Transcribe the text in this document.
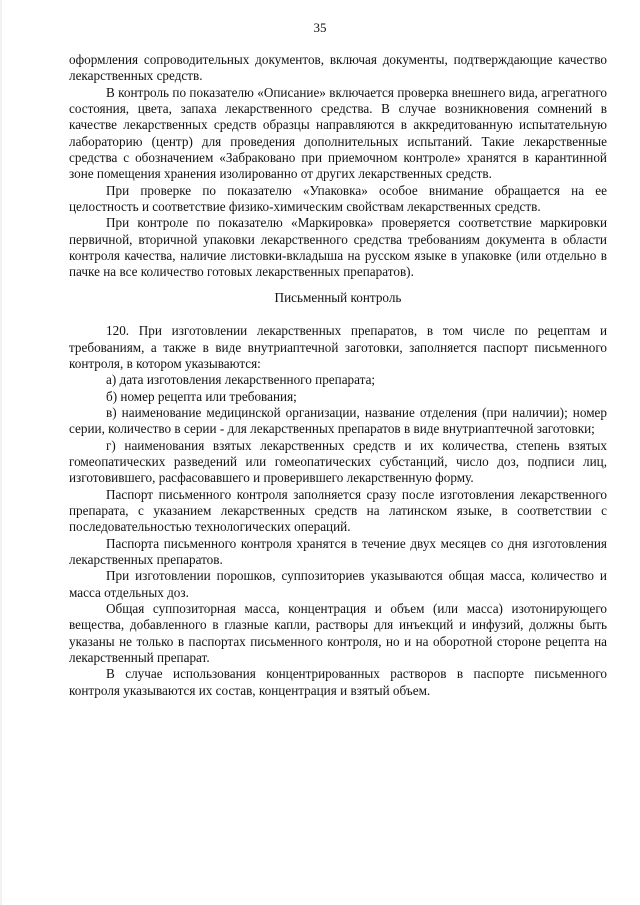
35

оформления сопроводительных документов, включая документы, подтверждающие качество лекарственных средств.

В контроль по показателю «Описание» включается проверка внешнего вида, агрегатного состояния, цвета, запаха лекарственного средства. В случае возникновения сомнений в качестве лекарственных средств образцы направляются в аккредитованную испытательную лабораторию (центр) для проведения дополнительных испытаний. Такие лекарственные средства с обозначением «Забраковано при приемочном контроле» хранятся в карантинной зоне помещения хранения изолированно от других лекарственных средств.

При проверке по показателю «Упаковка» особое внимание обращается на ее целостность и соответствие физико-химическим свойствам лекарственных средств.

При контроле по показателю «Маркировка» проверяется соответствие маркировки первичной, вторичной упаковки лекарственного средства требованиям документа в области контроля качества, наличие листовки-вкладыша на русском языке в упаковке (или отдельно в пачке на все количество готовых лекарственных препаратов).

Письменный контроль

120. При изготовлении лекарственных препаратов, в том числе по рецептам и требованиям, а также в виде внутриаптечной заготовки, заполняется паспорт письменного контроля, в котором указываются:

а) дата изготовления лекарственного препарата;

б) номер рецепта или требования;

в) наименование медицинской организации, название отделения (при наличии); номер серии, количество в серии - для лекарственных препаратов в виде внутриаптечной заготовки;

г) наименования взятых лекарственных средств и их количества, степень взятых гомеопатических разведений или гомеопатических субстанций, число доз, подписи лиц, изготовившего, расфасовавшего и проверившего лекарственную форму.

Паспорт письменного контроля заполняется сразу после изготовления лекарственного препарата, с указанием лекарственных средств на латинском языке, в соответствии с последовательностью технологических операций.

Паспорта письменного контроля хранятся в течение двух месяцев со дня изготовления лекарственных препаратов.

При изготовлении порошков, суппозиториев указываются общая масса, количество и масса отдельных доз.

Общая суппозиторная масса, концентрация и объем (или масса) изотонирующего вещества, добавленного в глазные капли, растворы для инъекций и инфузий, должны быть указаны не только в паспортах письменного контроля, но и на оборотной стороне рецепта на лекарственный препарат.

В случае использования концентрированных растворов в паспорте письменного контроля указываются их состав, концентрация и взятый объем.
